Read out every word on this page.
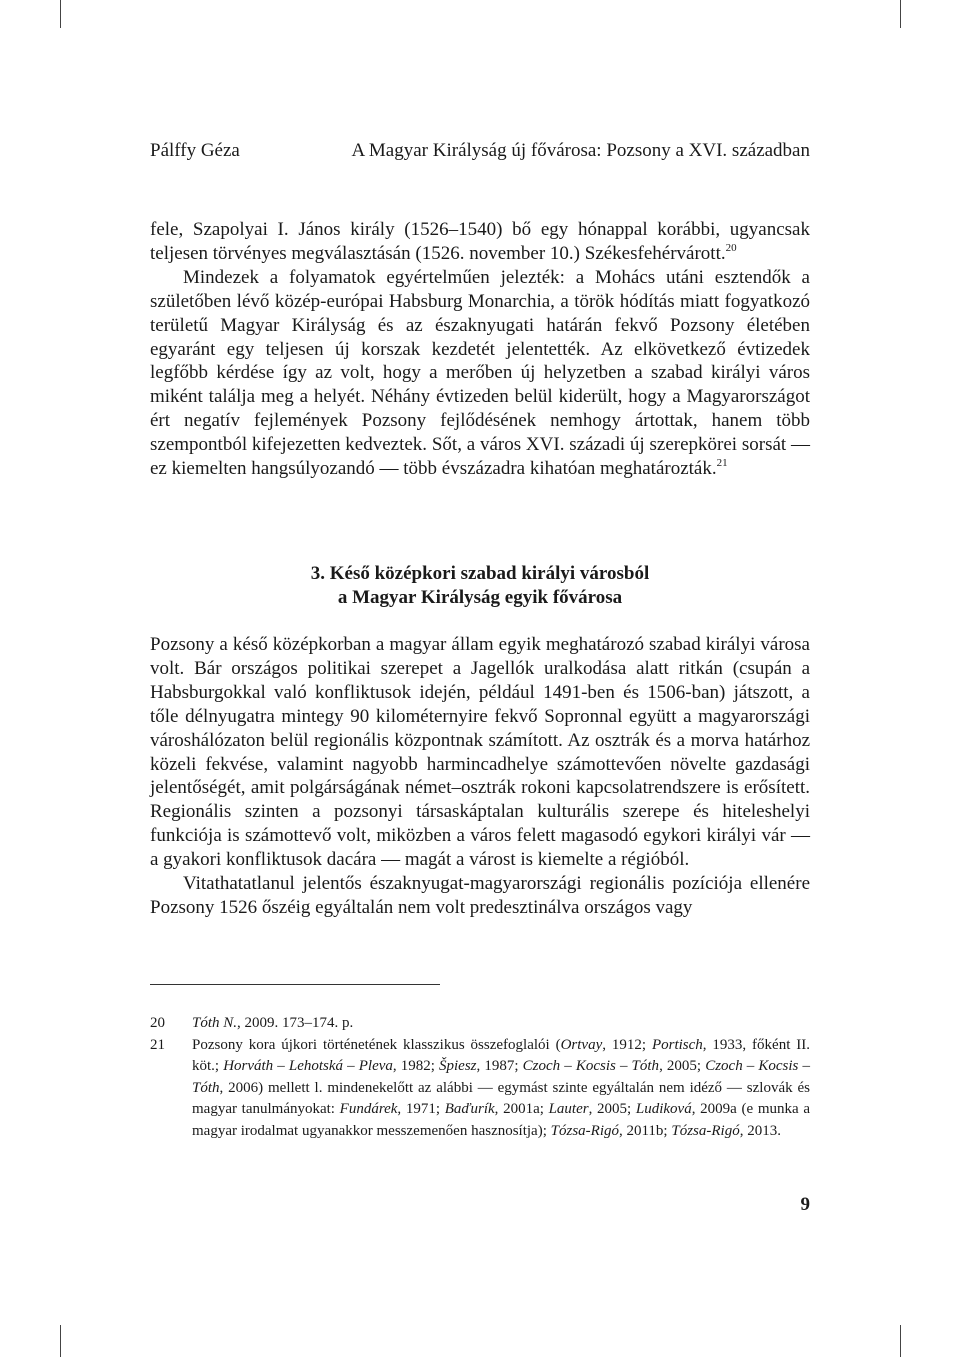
Pálffy Géza	A Magyar Királyság új fővárosa: Pozsony a XVI. században

fele, Szapolyai I. János király (1526–1540) bő egy hónappal korábbi, ugyancsak teljesen törvényes megválasztásán (1526. november 10.) Székesfehérvárott.$^{20}$

Mindezek a folyamatok egyértelműen jelezték: a Mohács utáni esztendők a születőben lévő közép-európai Habsburg Monarchia, a török hódítás miatt fogyatkozó területű Magyar Királyság és az északnyugati határán fekvő Pozsony életében egyaránt egy teljesen új korszak kezdetét jelentették. Az elkövetkező évtizedek legfőbb kérdése így az volt, hogy a merőben új helyzetben a szabad királyi város miként találja meg a helyét. Néhány évtizeden belül kiderült, hogy a Magyarországot ért negatív fejlemények Pozsony fejlődésének nemhogy ártottak, hanem több szempontból kifejezetten kedveztek. Sőt, a város XVI. századi új szerepkörei sorsát — ez kiemelten hangsúlyozandó — több évszázadra kihatóan meghatározták.$^{21}$

3. Késő középkori szabad királyi városból
a Magyar Királyság egyik fővárosa

Pozsony a késő középkorban a magyar állam egyik meghatározó szabad királyi városa volt. Bár országos politikai szerepet a Jagellók uralkodása alatt ritkán (csupán a Habsburgokkal való konfliktusok idején, például 1491-ben és 1506-ban) játszott, a tőle délnyugatra mintegy 90 kilométernyire fekvő Sopronnal együtt a magyarországi városhálózaton belül regionális központnak számított. Az osztrák és a morva határhoz közeli fekvése, valamint nagyobb harmincadhelye számottevően növelte gazdasági jelentőségét, amit polgárságának német–osztrák rokoni kapcsolatrendszere is erősített. Regionális szinten a pozsonyi társaskáptalan kulturális szerepe és hiteleshelyi funkciója is számottevő volt, miközben a város felett magasodó egykori királyi vár — a gyakori konfliktusok dacára — magát a várost is kiemelte a régióból.

Vitathatatlanul jelentős északnyugat-magyarországi regionális pozíciója ellenére Pozsony 1526 őszéig egyáltalán nem volt predesztinálva országos vagy

20 Tóth N., 2009. 173–174. p.
21 Pozsony kora újkori történetének klasszikus összefoglalói (Ortvay, 1912; Portisch, 1933, főként II. köt.; Horváth – Lehotská – Pleva, 1982; Špiesz, 1987; Czoch – Kocsis – Tóth, 2005; Czoch – Kocsis – Tóth, 2006) mellett l. mindenekelőtt az alábbi — egymást szinte egyáltalán nem idéző — szlovák és magyar tanulmányokat: Fundárek, 1971; Baďurík, 2001a; Lauter, 2005; Ludiková, 2009a (e munka a magyar irodalmat ugyanakkor messzemenően hasznosítja); Tózsa-Rigó, 2011b; Tózsa-Rigó, 2013.
9
